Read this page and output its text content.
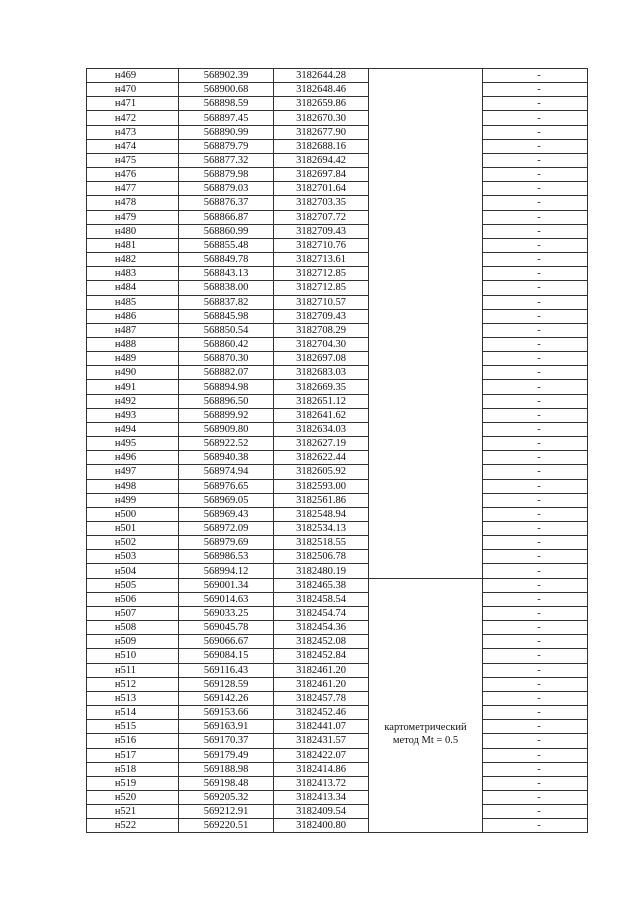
н469	568902.39	3182644.28		-
н470	568900.68	3182648.46		-
н471	568898.59	3182659.86		-
н472	568897.45	3182670.30		-
н473	568890.99	3182677.90		-
н474	568879.79	3182688.16		-
н475	568877.32	3182694.42		-
н476	568879.98	3182697.84		-
н477	568879.03	3182701.64		-
н478	568876.37	3182703.35		-
н479	568866.87	3182707.72		-
н480	568860.99	3182709.43		-
н481	568855.48	3182710.76		-
н482	568849.78	3182713.61		-
н483	568843.13	3182712.85		-
н484	568838.00	3182712.85		-
н485	568837.82	3182710.57		-
н486	568845.98	3182709.43		-
н487	568850.54	3182708.29		-
н488	568860.42	3182704.30		-
н489	568870.30	3182697.08		-
н490	568882.07	3182683.03		-
н491	568894.98	3182669.35		-
н492	568896.50	3182651.12		-
н493	568899.92	3182641.62		-
н494	568909.80	3182634.03		-
н495	568922.52	3182627.19		-
н496	568940.38	3182622.44		-
н497	568974.94	3182605.92		-
н498	568976.65	3182593.00		-
н499	568969.05	3182561.86		-
н500	568969.43	3182548.94		-
н501	568972.09	3182534.13		-
н502	568979.69	3182518.55		-
н503	568986.53	3182506.78		-
н504	568994.12	3182480.19		-
н505	569001.34	3182465.38	картометрический метод Mt = 0.5	-
н506	569014.63	3182458.54		-
н507	569033.25	3182454.74		-
н508	569045.78	3182454.36		-
н509	569066.67	3182452.08		-
н510	569084.15	3182452.84		-
н511	569116.43	3182461.20		-
н512	569128.59	3182461.20		-
н513	569142.26	3182457.78		-
н514	569153.66	3182452.46		-
н515	569163.91	3182441.07		-
н516	569170.37	3182431.57		-
н517	569179.49	3182422.07		-
н518	569188.98	3182414.86		-
н519	569198.48	3182413.72		-
н520	569205.32	3182413.34		-
н521	569212.91	3182409.54		-
н522	569220.51	3182400.80		-
